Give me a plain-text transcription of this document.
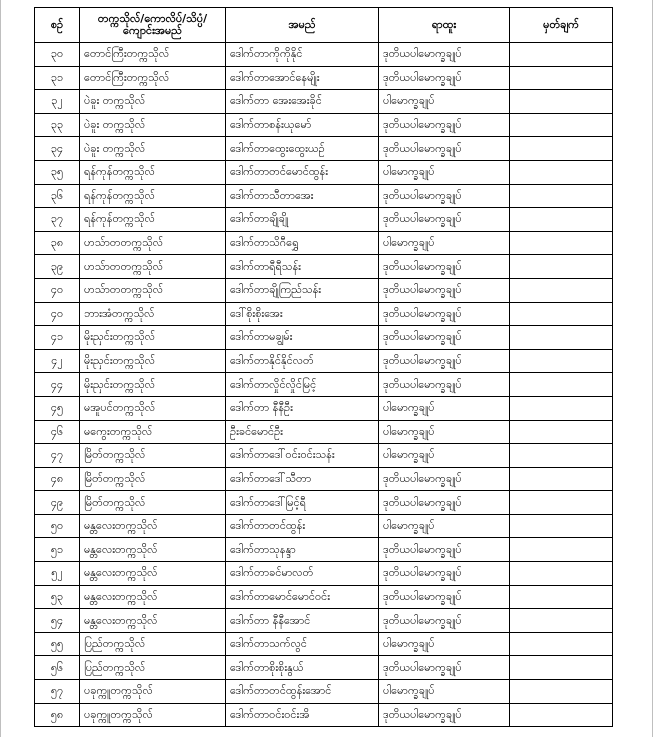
စဉ်	တက္ကသိုလ်/ကောလိပ်/သိပ္ပံ/ ကျောင်းအမည်	အမည်	ရာထူး	မှတ်ချက်
၃၀	တောင်ကြီးတက္ကသိုလ်	ဒေါက်တာကိုကိုနိုင်	ဒုတိယပါမောက္ခချုပ်	
၃၁	တောင်ကြီးတက္ကသိုလ်	ဒေါက်တာအောင်နေမျိုး	ဒုတိယပါမောက္ခချုပ်	
၃၂	ပဲခူး တက္ကသိုလ်	ဒေါက်တာ အေးအေးခိုင်	ပါမောက္ခချုပ်	
၃၃	ပဲခူး တက္ကသိုလ်	ဒေါက်တာစန်းယုမော်	ဒုတိယပါမောက္ခချုပ်	
၃၄	ပဲခူး တက္ကသိုလ်	ဒေါက်တာထွေးထွေးယဉ်	ဒုတိယပါမောက္ခချုပ်	
၃၅	ရန်ကုန်တက္ကသိုလ်	ဒေါက်တာတင်မောင်ထွန်း	ပါမောက္ခချုပ်	
၃၆	ရန်ကုန်တက္ကသိုလ်	ဒေါက်တာသီတာအေး	ဒုတိယပါမောက္ခချုပ်	
၃၇	ရန်ကုန်တက္ကသိုလ်	ဒေါက်တာချိုချို	ဒုတိယပါမောက္ခချုပ်	
၃၈	ဟသ်ာတတက္ကသိုလ်	ဒေါက်တာသိဂီရွှေ	ပါမောက္ခချုပ်	
၃၉	ဟသ်ာတတက္ကသိုလ်	ဒေါက်တာရီရီသန်း	ဒုတိယပါမောက္ခချုပ်	
၄၀	ဟသ်ာတတက္ကသိုလ်	ဒေါက်တာချိုကြည်သန်း	ဒုတိယပါမောက္ခချုပ်	
၄၀	ဘားအံတက္ကသိုလ်	ဒေါ်စိုးစိုးအေး	ဒုတိယပါမောက္ခချုပ်	
၄၁	မိုးညှင်းတက္ကသိုလ်	ဒေါက်တာမချွမ်း	ဒုတိယပါမောက္ခချုပ်	
၄၂	မိုးညှင်းတက္ကသိုလ်	ဒေါက်တာနိုင်နိုင်လတ်	ဒုတိယပါမောက္ခချုပ်	
၄၄	မိုးညှင်းတက္ကသိုလ်	ဒေါက်တာလှိုင်လှိုင်မြင့်	ဒုတိယပါမောက္ခချုပ်	
၄၅	မအူပင်တက္ကသိုလ်	ဒေါက်တာ နီနီဦး	ပါမောက္ခချုပ်	
၄၆	မကွေးတက္ကသိုလ်	ဦးခင်မောင်ဦး	ပါမောက္ခချုပ်	
၄၇	မြိတ်တက္ကသိုလ်	ဒေါက်တာဒေါ်ဝင်းဝင်းသန်း	ပါမောက္ခချုပ်	
၄၈	မြိတ်တက္ကသိုလ်	ဒေါက်တာဒေါ်သီတာ	ဒုတိယပါမောက္ခချုပ်	
၄၉	မြိတ်တက္ကသိုလ်	ဒေါက်တာဒေါ်မြင့်ရီ	ဒုတိယပါမောက္ခချုပ်	
၅၀	မန္တလေးတက္ကသိုလ်	ဒေါက်တာတင်ထွန်း	ပါမောက္ခချုပ်	
၅၁	မန္တလေးတက္ကသိုလ်	ဒေါက်တာသုနန္ဒာ	ဒုတိယပါမောက္ခချုပ်	
၅၂	မန္တလေးတက္ကသိုလ်	ဒေါက်တာခင်မာလတ်	ဒုတိယပါမောက္ခချုပ်	
၅၃	မန္တလေးတက္ကသိုလ်	ဒေါက်တာမောင်မောင်ဝင်း	ဒုတိယပါမောက္ခချုပ်	
၅၄	မန္တလေးတက္ကသိုလ်	ဒေါက်တာ နီနီအောင်	ဒုတိယပါမောက္ခချုပ်	
၅၅	ပြည်တက္ကသိုလ်	ဒေါက်တာသက်လွင်	ပါမောက္ခချုပ်	
၅၆	ပြည်တက္ကသိုလ်	ဒေါက်တာစိုးစိုးနွယ်	ဒုတိယပါမောက္ခချုပ်	
၅၇	ပခုက္ကူတက္ကသိုလ်	ဒေါက်တာတင်ထွန်းအောင်	ပါမောက္ခချုပ်	
၅၈	ပခုက္ကူတက္ကသိုလ်	ဒေါက်တာဝင်းဝင်းအိ	ဒုတိယပါမောက္ခချုပ်	
